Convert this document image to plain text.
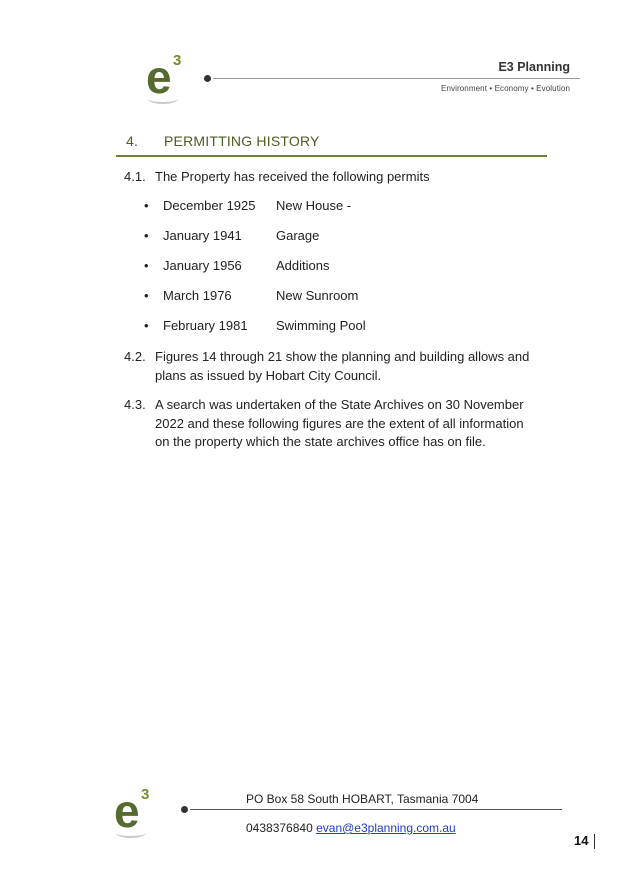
e 3	E3 Planning
Environment • Economy • Evolution
4. PERMITTING HISTORY
4.1. The Property has received the following permits
• December 1925 New House -
• January 1941	Garage
• January 1956	Additions
• March 1976	New Sunroom
• February 1981 Swimming Pool
4.2. Figures 14 through 21 show the planning and building allows and plans as issued by Hobart City Council.
4.3. A search was undertaken of the State Archives on 30 November 2022 and these following figures are the extent of all information on the property which the state archives office has on file.
e 3	PO Box 58 South HOBART, Tasmania 7004
0438376840 evan@e3planning.com.au
14
